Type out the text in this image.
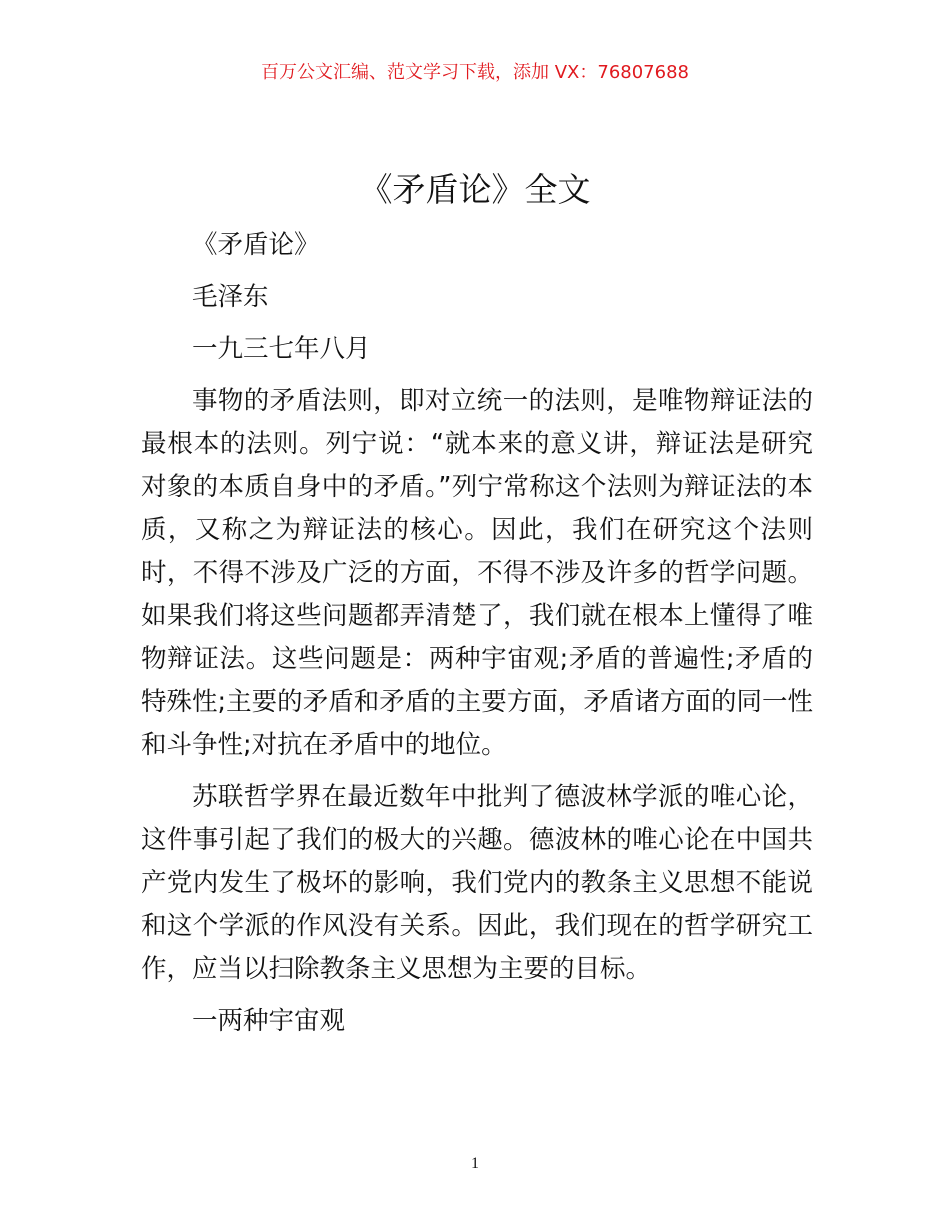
百万公文汇编、范文学习下载，添加 VX：76807688
《矛盾论》全文

《矛盾论》

毛泽东

一九三七年八月

事物的矛盾法则，即对立统一的法则，是唯物辩证法的最根本的法则。列宁说：“就本来的意义讲，辩证法是研究对象的本质自身中的矛盾。”列宁常称这个法则为辩证法的本质，又称之为辩证法的核心。因此，我们在研究这个法则时，不得不涉及广泛的方面，不得不涉及许多的哲学问题。如果我们将这些问题都弄清楚了，我们就在根本上懂得了唯物辩证法。这些问题是：两种宇宙观;矛盾的普遍性;矛盾的特殊性;主要的矛盾和矛盾的主要方面，矛盾诸方面的同一性和斗争性;对抗在矛盾中的地位。

苏联哲学界在最近数年中批判了德波林学派的唯心论，这件事引起了我们的极大的兴趣。德波林的唯心论在中国共产党内发生了极坏的影响，我们党内的教条主义思想不能说和这个学派的作风没有关系。因此，我们现在的哲学研究工作，应当以扫除教条主义思想为主要的目标。

一两种宇宙观

1
